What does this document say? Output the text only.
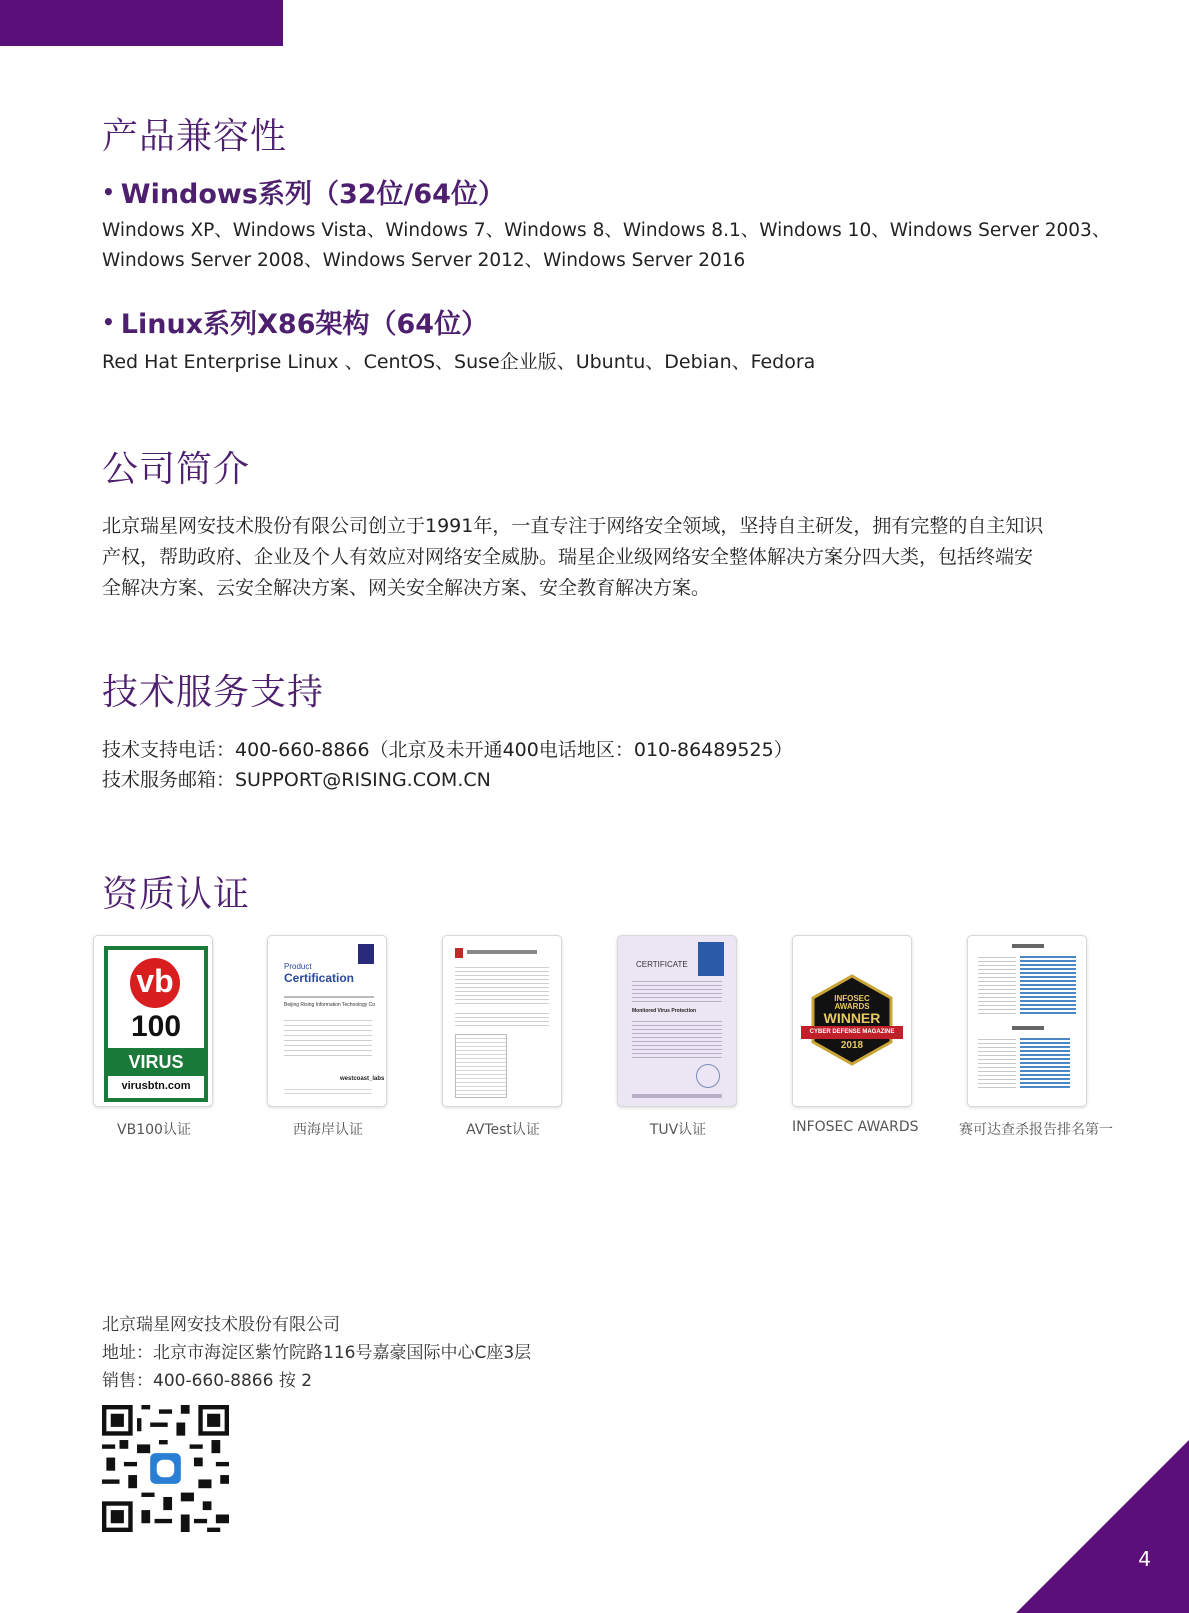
产品兼容性
• Windows系列（32位/64位）

Windows XP、Windows Vista、Windows 7、Windows 8、Windows 8.1、Windows 10、Windows Server 2003、

Windows Server 2008、Windows Server 2012、Windows Server 2016

• Linux系列X86架构（64位）

Red Hat Enterprise Linux 、CentOS、Suse企业版、Ubuntu、Debian、Fedora

公司简介

北京瑞星网安技术股份有限公司创立于1991年，一直专注于网络安全领域，坚持自主研发，拥有完整的自主知识

产权，帮助政府、企业及个人有效应对网络安全威胁。瑞星企业级网络安全整体解决方案分四大类，包括终端安

全解决方案、云安全解决方案、网关安全解决方案、安全教育解决方案。

技术服务支持

技术支持电话：400-660-8866（北京及未开通400电话地区：010-86489525）

技术服务邮箱：SUPPORT@RISING.COM.CN

资质认证
vb
100
VIRUS
virusbtn.com
VB100认证
Product
Certification
Beijing Rising Information Technology Co
westcoast_labs
西海岸认证	AVTest认证
CERTIFICATE
Monitored Virus Protection
TUV认证
INFOSEC
AWARDS
WINNER
CYBER DEFENSE MAGAZINE
2018
INFOSEC AWARDS	赛可达查杀报告排名第一

北京瑞星网安技术股份有限公司

地址：北京市海淀区紫竹院路116号嘉豪国际中心C座3层

销售：400-660-8866 按 2

4
